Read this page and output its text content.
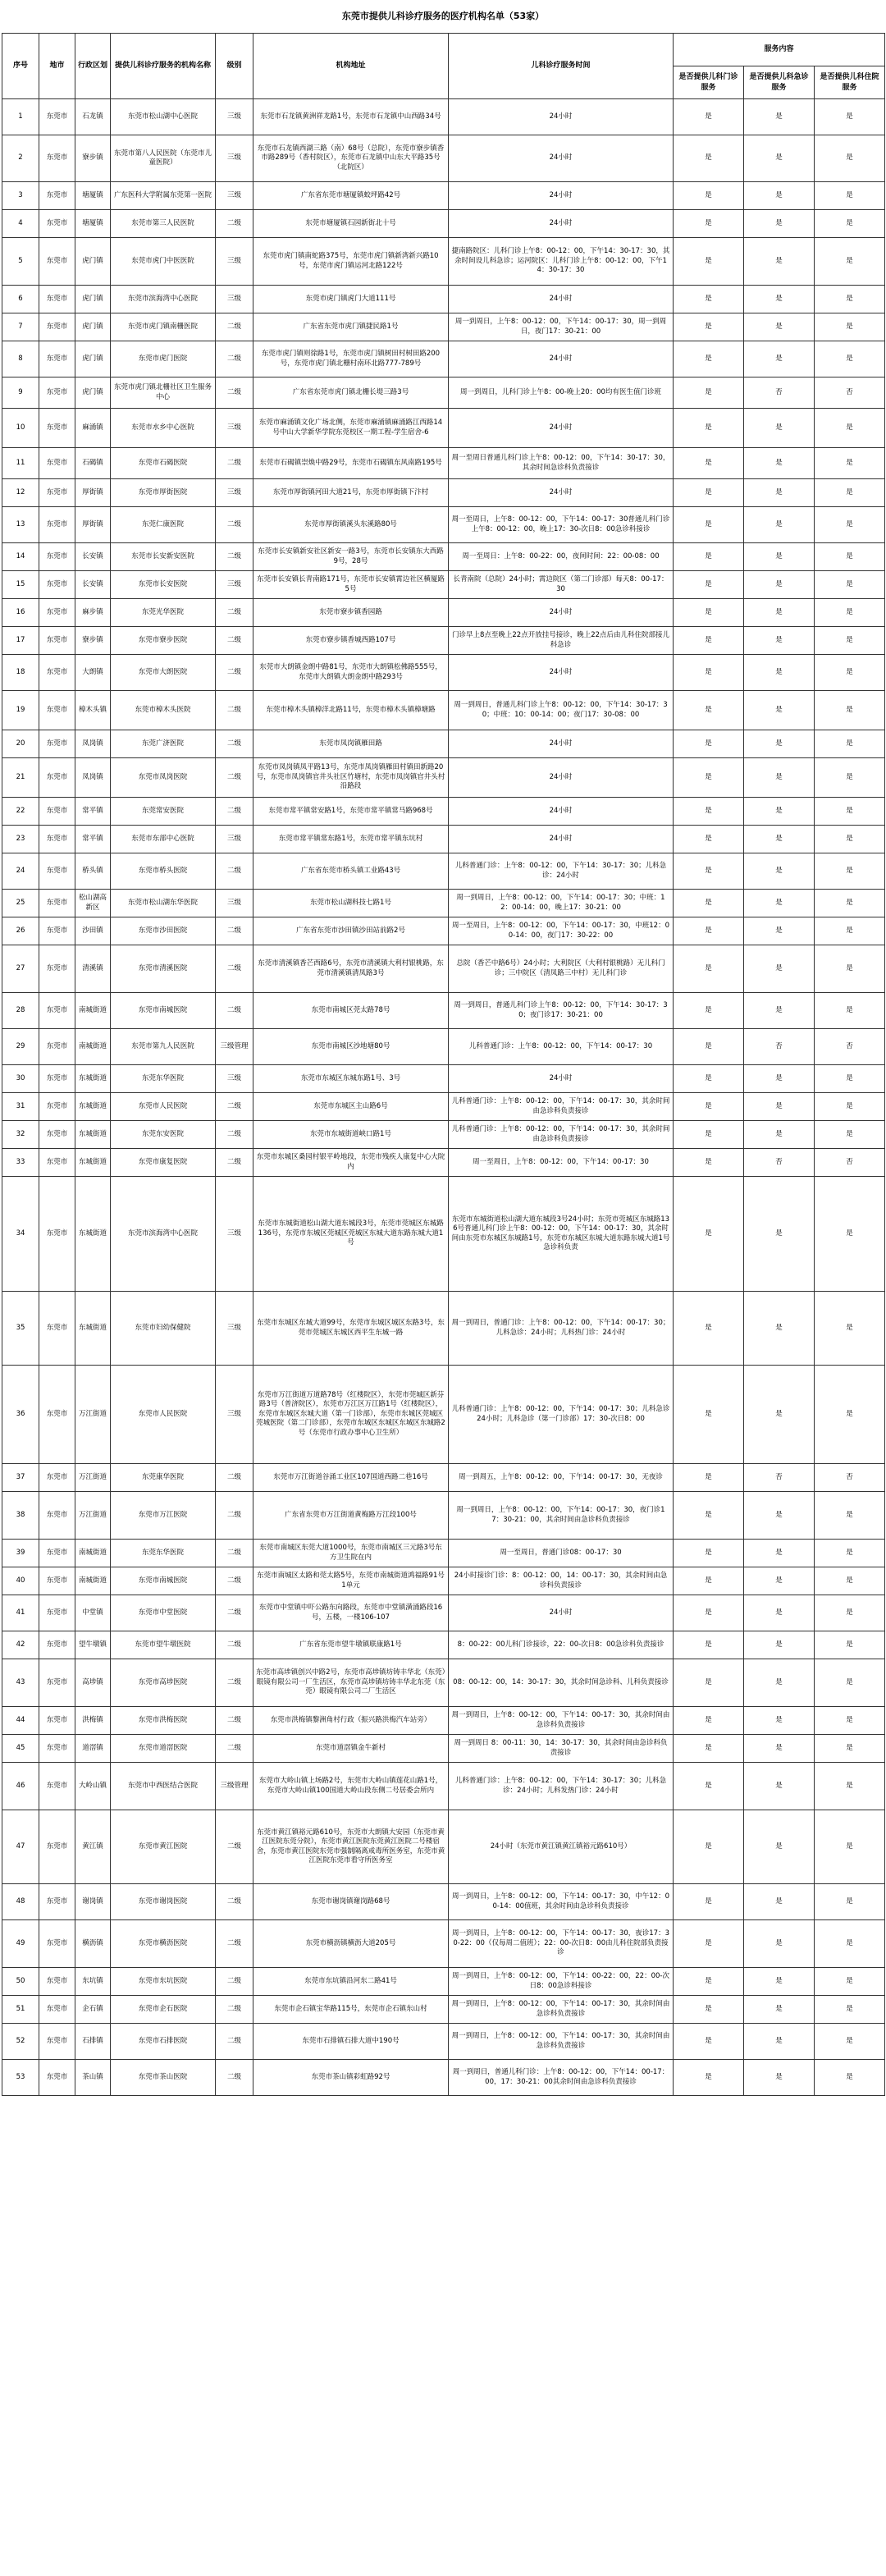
东莞市提供儿科诊疗服务的医疗机构名单（53家）
序号	地市	行政区划	提供儿科诊疗服务的机构名称	级别	机构地址	儿科诊疗服务时间	服务内容		
							是否提供儿科门诊服务	是否提供儿科急诊服务	是否提供儿科住院服务
1	东莞市	石龙镇	东莞市松山湖中心医院	三级	东莞市石龙镇黄洲祥龙路1号，东莞市石龙镇中山西路34号	24小时	是	是	是
2	东莞市	寮步镇	东莞市第八人民医院（东莞市儿童医院）	三级	东莞市石龙镇西湖三路（南）68号（总院），东莞市寮步镇香市路289号（香村院区），东莞市石龙镇中山东大平路35号（北院区）	24小时	是	是	是
3	东莞市	塘厦镇	广东医科大学附属东莞第一医院	三级	广东省东莞市塘厦镇蛟坪路42号	24小时	是	是	是
4	东莞市	塘厦镇	东莞市第三人民医院	二级	东莞市塘厦镇石园新街北十号	24小时	是	是	是
5	东莞市	虎门镇	东莞市虎门中医医院	三级	东莞市虎门镇南蛇路375号，东莞市虎门镇新湾新兴路10号，东莞市虎门镇运河北路122号	捷南路院区：儿科门诊上午8：00-12：00，下午14：30-17：30，其余时间设儿科急诊；运河院区：儿科门诊上午8：00-12：00，下午14：30-17：30	是	是	是
6	东莞市	虎门镇	东莞市滨海湾中心医院	三级	东莞市虎门镇虎门大道111号	24小时	是	是	是
7	东莞市	虎门镇	东莞市虎门镇南栅医院	二级	广东省东莞市虎门镇捷民路1号	周一到周日，上午8：00-12：00，下午14：00-17：30，周一到周日，夜门17：30-21：00	是	是	是
8	东莞市	虎门镇	东莞市虎门医院	二级	东莞市虎门镇则徐路1号，东莞市虎门镇树田村树田路200号，东莞市虎门镇北栅村南环北路777-789号	24小时	是	是	是
9	东莞市	虎门镇	东莞市虎门镇北栅社区卫生服务中心	二级	广东省东莞市虎门镇北栅长堤三路3号	周一到周日，儿科门诊上午8：00-晚上20：00均有医生值门诊班	是	否	否
10	东莞市	麻涌镇	东莞市水乡中心医院	三级	东莞市麻涌镇文化广场北侧，东莞市麻涌镇麻涌路江西路14号中山大学新华学院东莞校区一期工程-学生宿舍-6	24小时	是	是	是
11	东莞市	石碣镇	东莞市石碣医院	二级	东莞市石碣镇崇焕中路29号，东莞市石碣镇东风南路195号	周一至周日普通儿科门诊上午8：00-12：00，下午14：30-17：30，其余时间急诊科负责接诊	是	是	是
12	东莞市	厚街镇	东莞市厚街医院	三级	东莞市厚街镇河田大道21号，东莞市厚街镇下汴村	24小时	是	是	是
13	东莞市	厚街镇	东莞仁康医院	二级	东莞市厚街镇溪头东溪路80号	周一至周日，上午8：00-12：00，下午14：00-17：30普通儿科门诊上午8：00-12：00，晚上17：30-次日8：00急诊科接诊	是	是	是
14	东莞市	长安镇	东莞市长安新安医院	二级	东莞市长安镇新安社区新安一路3号，东莞市长安镇东大西路9号，28号	周一至周日：上午8：00-22：00，夜间时间：22：00-08：00	是	是	是
15	东莞市	长安镇	东莞市长安医院	三级	东莞市长安镇长青南路171号，东莞市长安镇霄边社区横厦路5号	长青南院（总院）24小时；霄边院区（第二门诊部）每天8：00-17：30	是	是	是
16	东莞市	麻步镇	东莞光华医院	二级	东莞市寮步镇香园路	24小时	是	是	是
17	东莞市	寮步镇	东莞市寮步医院	二级	东莞市寮步镇香城西路107号	门诊早上8点至晚上22点开放挂号接诊，晚上22点后由儿科住院部接儿科急诊	是	是	是
18	东莞市	大朗镇	东莞市大朗医院	二级	东莞市大朗镇金朗中路81号，东莞市大朗镇松佛路555号，东莞市大朗镇大朗金朗中路293号	24小时	是	是	是
19	东莞市	樟木头镇	东莞市樟木头医院	二级	东莞市樟木头镇樟洋北路11号，东莞市樟木头镇樟塘路	周一到周日，普通儿科门诊上午8：00-12：00，下午14：30-17：30；中班：10：00-14：00；夜门17：30-08：00	是	是	是
20	东莞市	凤岗镇	东莞广济医院	二级	东莞市凤岗镇雁田路	24小时	是	是	是
21	东莞市	凤岗镇	东莞市凤岗医院	二级	东莞市凤岗镇凤平路13号，东莞市凤岗镇雁田村镇田新路20号，东莞市凤岗镇官井头社区竹塘村，东莞市凤岗镇官井头村沿路段	24小时	是	是	是
22	东莞市	常平镇	东莞常安医院	二级	东莞市常平镇常安路1号，东莞市常平镇常马路968号	24小时	是	是	是
23	东莞市	常平镇	东莞市东部中心医院	三级	东莞市常平镇常东路1号，东莞市常平镇东坑村	24小时	是	是	是
24	东莞市	桥头镇	东莞市桥头医院	二级	广东省东莞市桥头镇工业路43号	儿科普通门诊：上午8：00-12：00，下午14：30-17：30；儿科急诊：24小时	是	是	是
25	东莞市	松山湖高新区	东莞市松山湖东华医院	三级	东莞市松山湖科技七路1号	周一到周日，上午8：00-12：00，下午14：00-17：30；中班：12：00-14：00，晚上17：30-21：00	是	是	是
26	东莞市	沙田镇	东莞市沙田医院	二级	广东省东莞市沙田镇沙田站前路2号	周一至周日，上午8：00-12：00，下午14：00-17：30，中班12：00-14：00，夜门17：30-22：00	是	是	是
27	东莞市	清溪镇	东莞市清溪医院	二级	东莞市清溪镇香芒西路6号，东莞市清溪镇大利村银桃路，东莞市清溪镇清凤路3号	总院（香芒中路6号）24小时；大利院区（大利村银桃路）无儿科门诊；三中院区（清凤路三中村）无儿科门诊	是	是	是
28	东莞市	南城街道	东莞市南城医院	二级	东莞市南城区莞太路78号	周一到周日，普通儿科门诊上午8：00-12：00，下午14：30-17：30；夜门诊17：30-21：00	是	是	是
29	东莞市	南城街道	东莞市第九人民医院	三级管理	东莞市南城区沙地塘80号	儿科普通门诊：上午8：00-12：00，下午14：00-17：30	是	否	否
30	东莞市	东城街道	东莞东华医院	三级	东莞市东城区东城东路1号、3号	24小时	是	是	是
31	东莞市	东城街道	东莞市人民医院	二级	东莞市东城区主山路6号	儿科普通门诊：上午8：00-12：00，下午14：00-17：30，其余时间由急诊科负责接诊	是	是	是
32	东莞市	东城街道	东莞东安医院	二级	东莞市东城街道峡口路1号	儿科普通门诊：上午8：00-12：00，下午14：00-17：30，其余时间由急诊科负责接诊	是	是	是
33	东莞市	东城街道	东莞市康复医院	二级	东莞市东城区桑园村银平岭地段，东莞市残疾人康复中心大院内	周一至周日，上午8：00-12：00，下午14：00-17：30	是	否	否
34	东莞市	东城街道	东莞市滨海湾中心医院	三级	东莞市东城街道松山湖大道东城段3号，东莞市莞城区东城路136号，东莞市东城区莞城区莞城区东城大道东路东城大道1号	东莞市东城街道松山湖大道东城段3号24小时；东莞市莞城区东城路136号普通儿科门诊上午8：00-12：00，下午14：00-17：30，其余时间由东莞市东城区东城路1号，东莞市东城区东城大道东路东城大道1号急诊科负责	是	是	是
35	东莞市	东城街道	东莞市妇幼保健院	三级	东莞市东城区东城大道99号，东莞市东城区城区东路3号，东莞市莞城区东城区西平生东城一路	周一到周日，普通门诊：上午8：00-12：00，下午14：00-17：30；儿科急诊：24小时；儿科热门诊：24小时	是	是	是
36	东莞市	万江街道	东莞市人民医院	三级	东莞市万江街道万道路78号（红楼院区），东莞市莞城区新芬路3号（普济院区），东莞市万江区万江路1号（红楼院区），东莞市东城区东城大道（第一门诊部），东莞市东城区莞城区莞城医院（第二门诊部），东莞市东城区东城区东城区东城路2号（东莞市行政办事中心卫生所）	儿科普通门诊：上午8：00-12：00，下午14：00-17：30；儿科急诊24小时；儿科急诊（第一门诊部）17：30-次日8：00	是	是	是
37	东莞市	万江街道	东莞康华医院	二级	东莞市万江街道谷涌工业区107国道西路二巷16号	周一到周五，上午8：00-12：00，下午14：00-17：30，无夜诊	是	否	否
38	东莞市	万江街道	东莞市万江医院	二级	广东省东莞市万江街道黄梅路万江段100号	周一到周日，上午8：00-12：00，下午14：00-17：30，夜门诊17：30-21：00，其余时间由急诊科负责接诊	是	是	是
39	东莞市	南城街道	东莞东华医院	二级	东莞市南城区东莞大道1000号，东莞市南城区三元路3号东方卫生院在内	周一至周日，普通门诊08：00-17：30	是	是	是
40	东莞市	南城街道	东莞市南城医院	二级	东莞市南城区太路和莞太路5号，东莞市南城街道鸿福路91号1单元	24小时接诊门诊：8：00-12：00，14：00-17：30，其余时间由急诊科负责接诊	是	是	是
41	东莞市	中堂镇	东莞市中堂医院	二级	东莞市中堂镇中吓公路东向路段，东莞市中堂镇潢涌路段16号，五楼，一楼106-107	24小时	是	是	是
42	东莞市	望牛墩镇	东莞市望牛墩医院	二级	广东省东莞市望牛墩镇联康路1号	8：00-22：00儿科门诊接诊，22：00-次日8：00急诊科负责接诊	是	是	是
43	东莞市	高埗镇	东莞市高埗医院	二级	东莞市高埗镇创兴中路2号，东莞市高埗镇坊铸丰华北（东莞）眼镜有限公司一厂生活区，东莞市高埗镇坊铸丰华北东莞（东莞）眼镜有限公司二厂生活区	08：00-12：00，14：30-17：30，其余时间急诊科、儿科负责接诊	是	是	是
44	东莞市	洪梅镇	东莞市洪梅医院	二级	东莞市洪梅镇黎洲角村行政（振兴路洪梅汽车站旁）	周一到周日，上午8：00-12：00，下午14：00-17：30，其余时间由急诊科负责接诊	是	是	是
45	东莞市	道滘镇	东莞市道滘医院	二级	东莞市道滘镇金牛新村	周一到周日 8：00-11：30，14：30-17：30，其余时间由急诊科负责接诊	是	是	是
46	东莞市	大岭山镇	东莞市中西医结合医院	三级管理	东莞市大岭山镇上场路2号，东莞市大岭山镇莲花山路1号，东莞市大岭山镇100国道大岭山段东侧二号居委会所内	儿科普通门诊：上午8：00-12：00，下午14：30-17：30；儿科急诊：24小时；儿科发热门诊：24小时	是	是	是
47	东莞市	黄江镇	东莞市黄江医院	二级	东莞市黄江镇裕元路610号，东莞市大朗镇大安园（东莞市黄江医院东莞分院），东莞市黄江医院东莞黄江医院二号楼宿舍，东莞市黄江医院东莞市强制隔离戒毒所医务室，东莞市黄江医院东莞市看守所医务室	24小时（东莞市黄江镇黄江镇裕元路610号）	是	是	是
48	东莞市	谢岗镇	东莞市谢岗医院	二级	东莞市谢岗镇谢岗路68号	周一到周日，上午8：00-12：00，下午14：00-17：30，中午12：00-14：00值班，其余时间由急诊科负责接诊	是	是	是
49	东莞市	横沥镇	东莞市横沥医院	二级	东莞市横沥镇横沥大道205号	周一到周日，上午8：00-12：00，下午14：00-17：30，夜诊17：30-22：00（仅每周二值班）；22：00-次日8：00由儿科住院部负责接诊	是	是	是
50	东莞市	东坑镇	东莞市东坑医院	二级	东莞市东坑镇沿河东二路41号	周一到周日，上午8：00-12：00，下午14：00-22：00，22：00-次日8：00急诊科接诊	是	是	是
51	东莞市	企石镇	东莞市企石医院	二级	东莞市企石镇宝华路115号，东莞市企石镇东山村	周一到周日，上午8：00-12：00，下午14：00-17：30，其余时间由急诊科负责接诊	是	是	是
52	东莞市	石排镇	东莞市石排医院	二级	东莞市石排镇石排大道中190号	周一到周日，上午8：00-12：00，下午14：00-17：30，其余时间由急诊科负责接诊	是	是	是
53	东莞市	茶山镇	东莞市茶山医院	二级	东莞市茶山镇彩虹路92号	周一到周日，普通儿科门诊：上午8：00-12：00，下午14：00-17：00，17：30-21：00其余时间由急诊科负责接诊	是	是	是
